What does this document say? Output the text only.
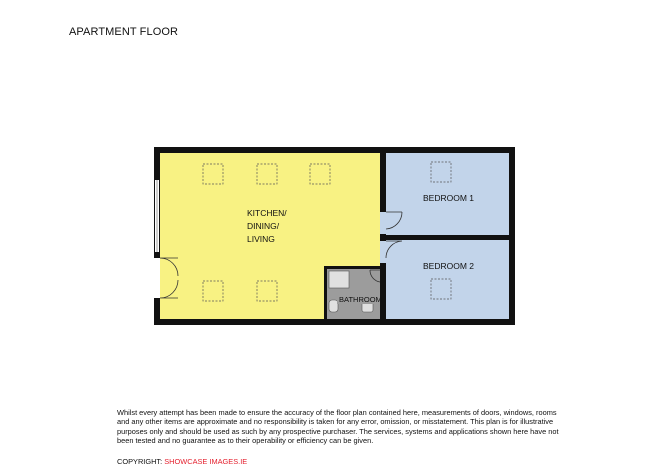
APARTMENT FLOOR
KITCHEN/
DINING/
LIVING
BEDROOM 1
BEDROOM 2
BATHROOM
Whilst every attempt has been made to ensure the accuracy of the floor plan contained here, measurements of doors, windows, rooms and any other items are approximate and no responsibility is taken for any error, omission, or misstatement. This plan is for illustrative purposes only and should be used as such by any prospective purchaser. The services, systems and applications shown here have not been tested and no guarantee as to their operability or efficiency can be given.
COPYRIGHT: SHOWCASE IMAGES.IE
